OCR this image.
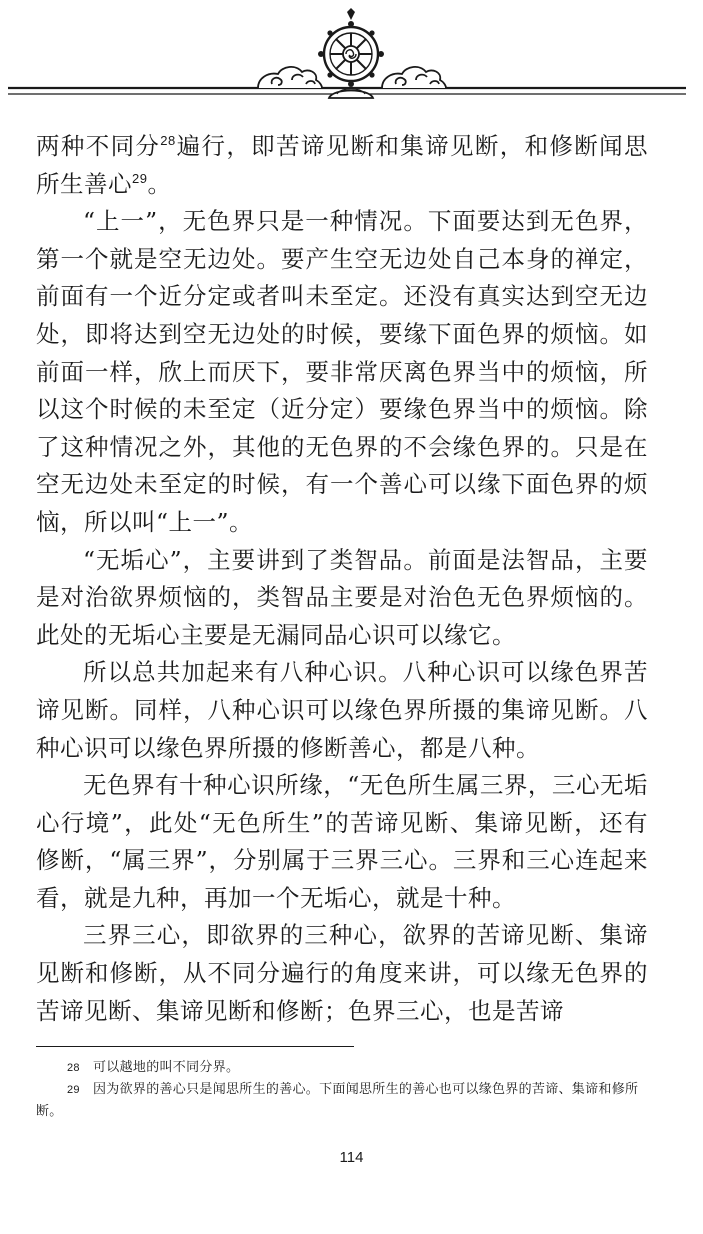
两种不同分$^{28}$遍行，即苦谛见断和集谛见断，和修断闻思所生善心$^{29}$。

“上一”，无色界只是一种情况。下面要达到无色界，第一个就是空无边处。要产生空无边处自己本身的禅定，前面有一个近分定或者叫未至定。还没有真实达到空无边处，即将达到空无边处的时候，要缘下面色界的烦恼。如前面一样，欣上而厌下，要非常厌离色界当中的烦恼，所以这个时候的未至定（近分定）要缘色界当中的烦恼。除了这种情况之外，其他的无色界的不会缘色界的。只是在空无边处未至定的时候，有一个善心可以缘下面色界的烦恼，所以叫“上一”。

“无垢心”，主要讲到了类智品。前面是法智品，主要是对治欲界烦恼的，类智品主要是对治色无色界烦恼的。此处的无垢心主要是无漏同品心识可以缘它。

所以总共加起来有八种心识。八种心识可以缘色界苦谛见断。同样，八种心识可以缘色界所摄的集谛见断。八种心识可以缘色界所摄的修断善心，都是八种。

无色界有十种心识所缘，“无色所生属三界，三心无垢心行境”，此处“无色所生”的苦谛见断、集谛见断，还有修断，“属三界”，分别属于三界三心。三界和三心连起来看，就是九种，再加一个无垢心，就是十种。

三界三心，即欲界的三种心，欲界的苦谛见断、集谛见断和修断，从不同分遍行的角度来讲，可以缘无色界的苦谛见断、集谛见断和修断；色界三心，也是苦谛

28 可以越地的叫不同分界。

29 因为欲界的善心只是闻思所生的善心。下面闻思所生的善心也可以缘色界的苦谛、集谛和修所断。

114
